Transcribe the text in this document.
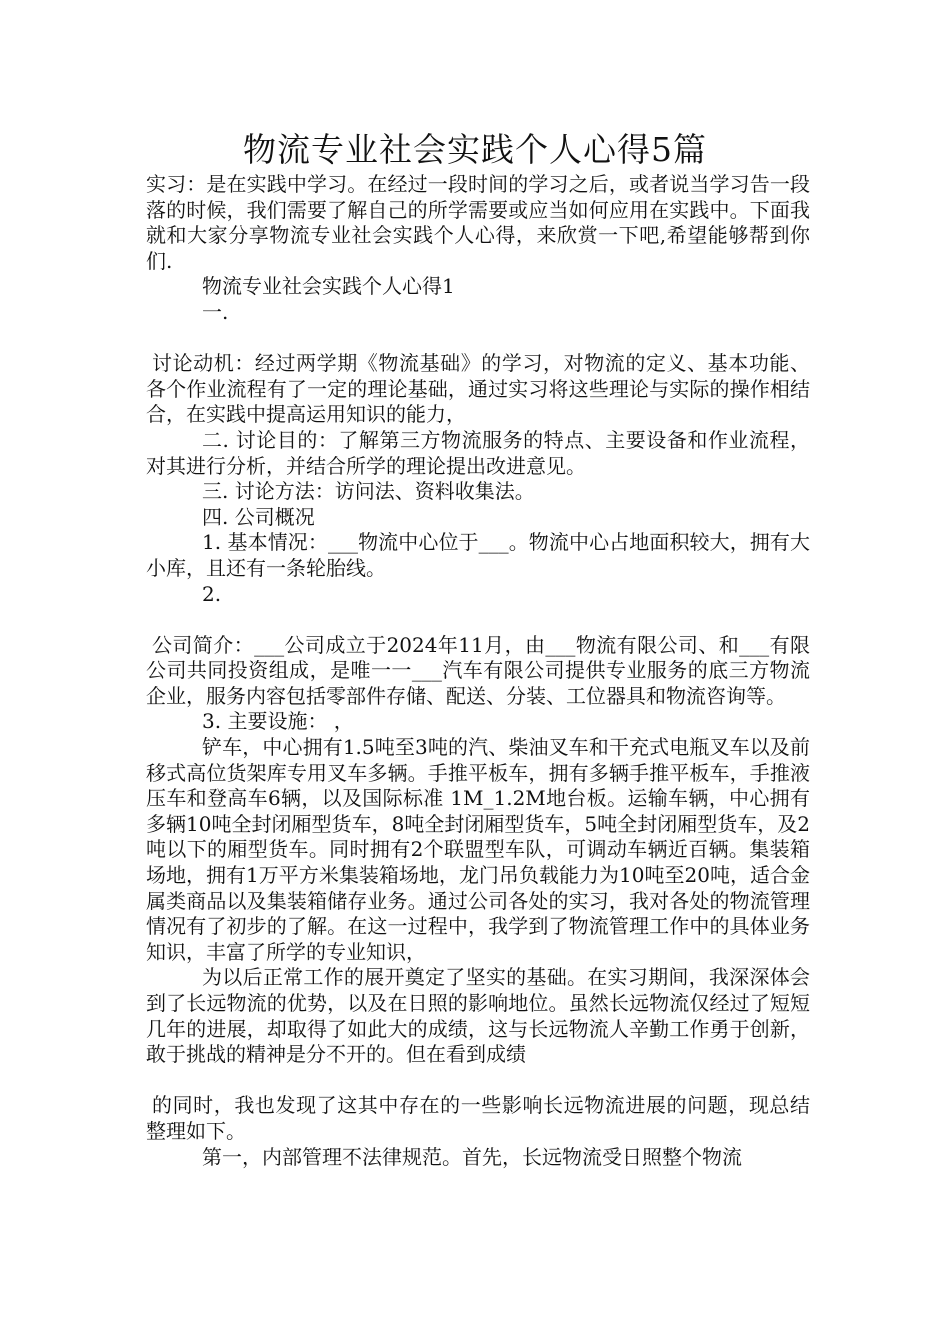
物流专业社会实践个人心得5篇

实习：是在实践中学习。在经过一段时间的学习之后，或者说当学习告一段落的时候，我们需要了解自己的所学需要或应当如何应用在实践中。下面我就和大家分享物流专业社会实践个人心得，来欣赏一下吧,希望能够帮到你们.

物流专业社会实践个人心得1

一.

讨论动机：经过两学期《物流基础》的学习，对物流的定义、基本功能、各个作业流程有了一定的理论基础，通过实习将这些理论与实际的操作相结合，在实践中提高运用知识的能力，

二. 讨论目的：了解第三方物流服务的特点、主要设备和作业流程，对其进行分析，并结合所学的理论提出改进意见。

三. 讨论方法：访问法、资料收集法。

四. 公司概况

1. 基本情况：___物流中心位于___。物流中心占地面积较大，拥有大小库，且还有一条轮胎线。

2.

公司简介：___公司成立于2024年11月，由___物流有限公司、和___有限公司共同投资组成，是唯一一___汽车有限公司提供专业服务的底三方物流企业，服务内容包括零部件存储、配送、分装、工位器具和物流咨询等。

3. 主要设施： ，

铲车，中心拥有1.5吨至3吨的汽、柴油叉车和干充式电瓶叉车以及前移式高位货架库专用叉车多辆。手推平板车，拥有多辆手推平板车，手推液压车和登高车6辆，以及国际标准 1M_1.2M地台板。运输车辆，中心拥有多辆10吨全封闭厢型货车，8吨全封闭厢型货车，5吨全封闭厢型货车，及2吨以下的厢型货车。同时拥有2个联盟型车队，可调动车辆近百辆。集装箱场地，拥有1万平方米集装箱场地，龙门吊负载能力为10吨至20吨，适合金属类商品以及集装箱储存业务。通过公司各处的实习，我对各处的物流管理情况有了初步的了解。在这一过程中，我学到了物流管理工作中的具体业务知识，丰富了所学的专业知识，

为以后正常工作的展开奠定了坚实的基础。在实习期间，我深深体会到了长远物流的优势，以及在日照的影响地位。虽然长远物流仅经过了短短几年的进展，却取得了如此大的成绩，这与长远物流人辛勤工作勇于创新，敢于挑战的精神是分不开的。但在看到成绩

的同时，我也发现了这其中存在的一些影响长远物流进展的问题，现总结整理如下。

第一，内部管理不法律规范。首先，长远物流受日照整个物流
